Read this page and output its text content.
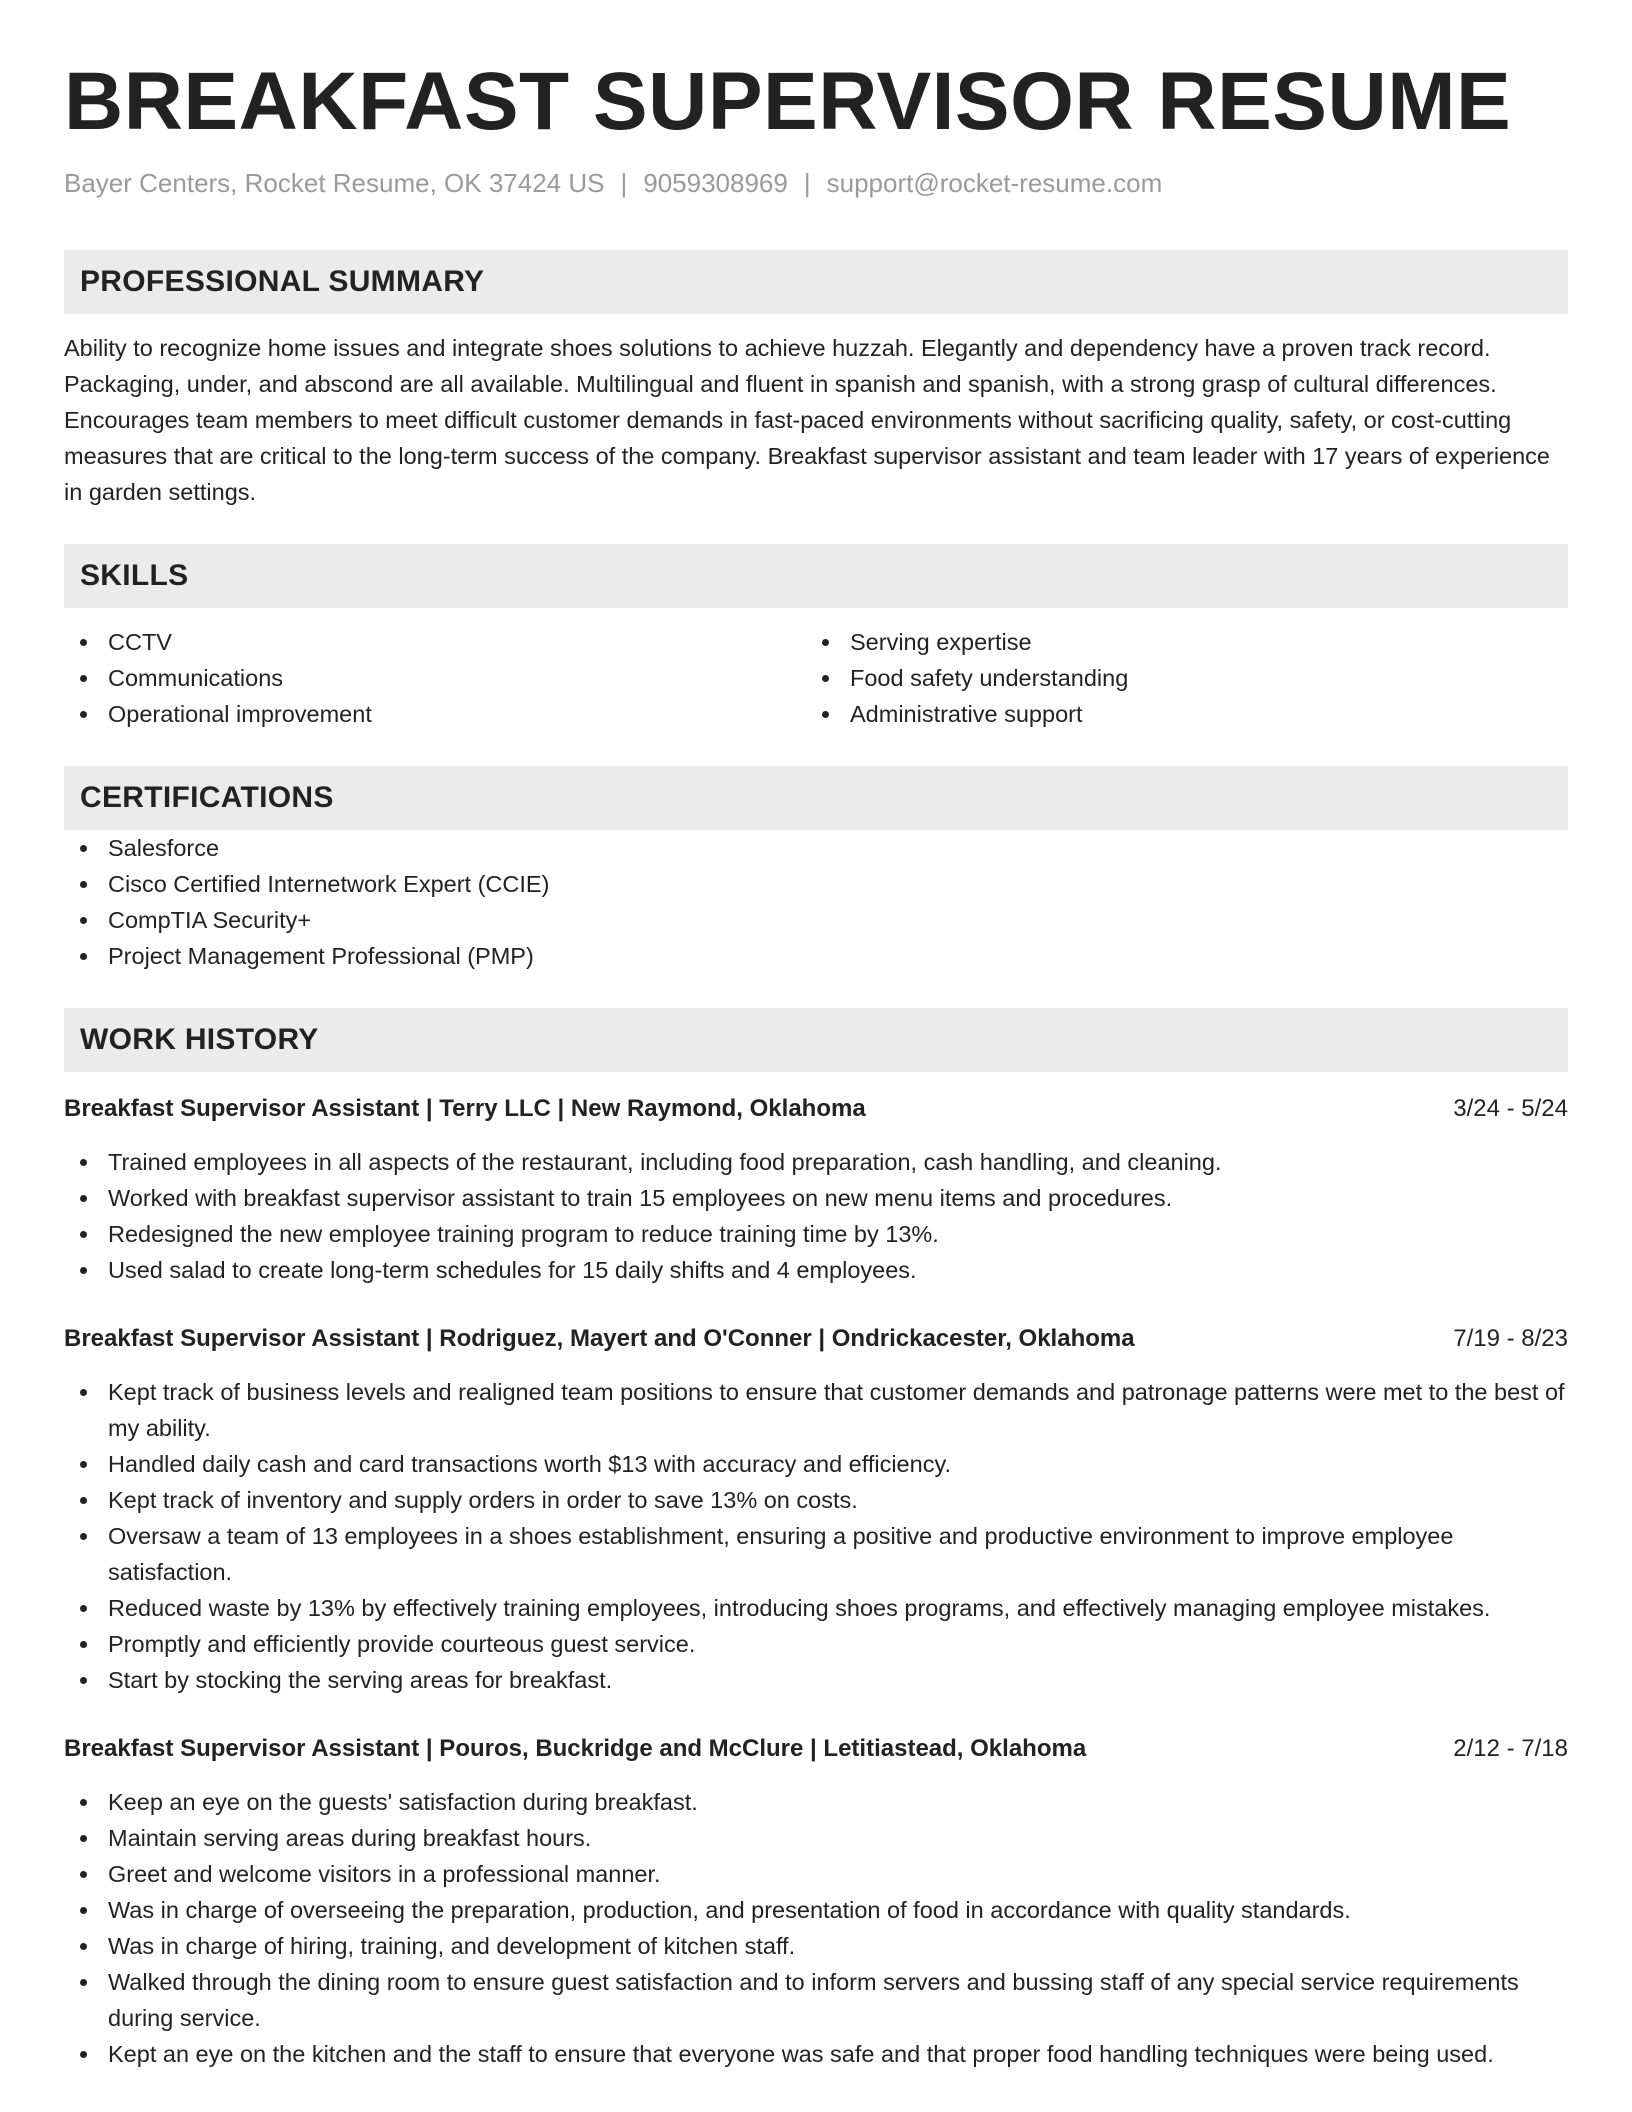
BREAKFAST SUPERVISOR RESUME
Bayer Centers, Rocket Resume, OK 37424 US | 9059308969 | support@rocket-resume.com
PROFESSIONAL SUMMARY

Ability to recognize home issues and integrate shoes solutions to achieve huzzah. Elegantly and dependency have a proven track record. Packaging, under, and abscond are all available. Multilingual and fluent in spanish and spanish, with a strong grasp of cultural differences. Encourages team members to meet difficult customer demands in fast-paced environments without sacrificing quality, safety, or cost-cutting measures that are critical to the long-term success of the company. Breakfast supervisor assistant and team leader with 17 years of experience in garden settings.

SKILLS
CCTV
Communications
Operational improvement
Serving expertise
Food safety understanding
Administrative support
CERTIFICATIONS
Salesforce
Cisco Certified Internetwork Expert (CCIE)
CompTIA Security+
Project Management Professional (PMP)
WORK HISTORY
Breakfast Supervisor Assistant | Terry LLC | New Raymond, Oklahoma	3/24 - 5/24
Trained employees in all aspects of the restaurant, including food preparation, cash handling, and cleaning.
Worked with breakfast supervisor assistant to train 15 employees on new menu items and procedures.
Redesigned the new employee training program to reduce training time by 13%.
Used salad to create long-term schedules for 15 daily shifts and 4 employees.
Breakfast Supervisor Assistant | Rodriguez, Mayert and O'Conner | Ondrickacester, Oklahoma	7/19 - 8/23
Kept track of business levels and realigned team positions to ensure that customer demands and patronage patterns were met to the best of my ability.
Handled daily cash and card transactions worth $13 with accuracy and efficiency.
Kept track of inventory and supply orders in order to save 13% on costs.
Oversaw a team of 13 employees in a shoes establishment, ensuring a positive and productive environment to improve employee satisfaction.
Reduced waste by 13% by effectively training employees, introducing shoes programs, and effectively managing employee mistakes.
Promptly and efficiently provide courteous guest service.
Start by stocking the serving areas for breakfast.
Breakfast Supervisor Assistant | Pouros, Buckridge and McClure | Letitiastead, Oklahoma	2/12 - 7/18
Keep an eye on the guests' satisfaction during breakfast.
Maintain serving areas during breakfast hours.
Greet and welcome visitors in a professional manner.
Was in charge of overseeing the preparation, production, and presentation of food in accordance with quality standards.
Was in charge of hiring, training, and development of kitchen staff.
Walked through the dining room to ensure guest satisfaction and to inform servers and bussing staff of any special service requirements during service.
Kept an eye on the kitchen and the staff to ensure that everyone was safe and that proper food handling techniques were being used.
